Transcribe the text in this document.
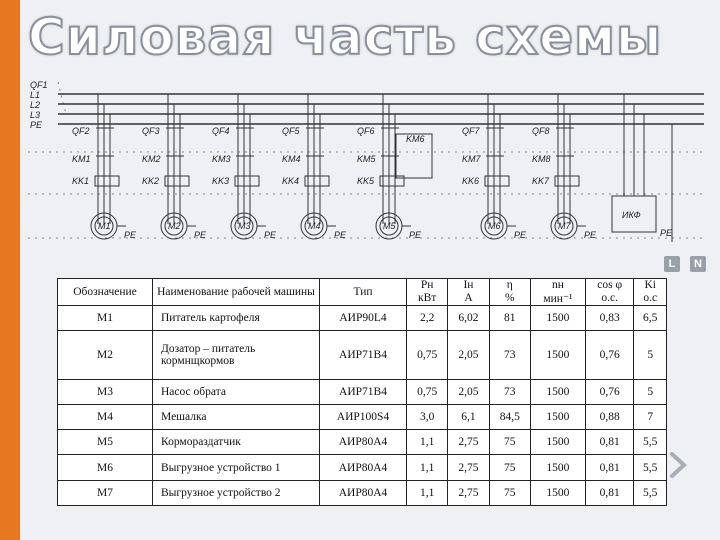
Силовая часть схемы
QF1
L1
L2
L3
PE
KM6
ИКФ
PE
QF2
KM1
KK1
M1
PE
QF3
KM2
KK2
M2
PE
QF4
KM3
KK3
M3
PE
QF5
KM4
KK4
M4
PE
QF6
KM5
KK5
M5
PE
QF7
KM7
KK6
M6
PE
QF8
KM8
KK7
M7
PE
L	N
Обозначение	Наименование рабочей машины	Тип	Pн	Iн	η	nн	cos φ	Ki
			кВт	А	%	мин⁻¹	о.с.	о.с
M1	Питатель картофеля	АИР90L4	2,2	6,02	81	1500	0,83	6,5
M2	Дозатор – питатель кормнщкормов	АИР71В4	0,75	2,05	73	1500	0,76	5
M3	Насос обрата	АИР71В4	0,75	2,05	73	1500	0,76	5
M4	Мешалка	АИР100S4	3,0	6,1	84,5	1500	0,88	7
M5	Кормораздатчик	АИР80А4	1,1	2,75	75	1500	0,81	5,5
M6	Выгрузное устройство 1	АИР80А4	1,1	2,75	75	1500	0,81	5,5
M7	Выгрузное устройство 2	АИР80А4	1,1	2,75	75	1500	0,81	5,5
